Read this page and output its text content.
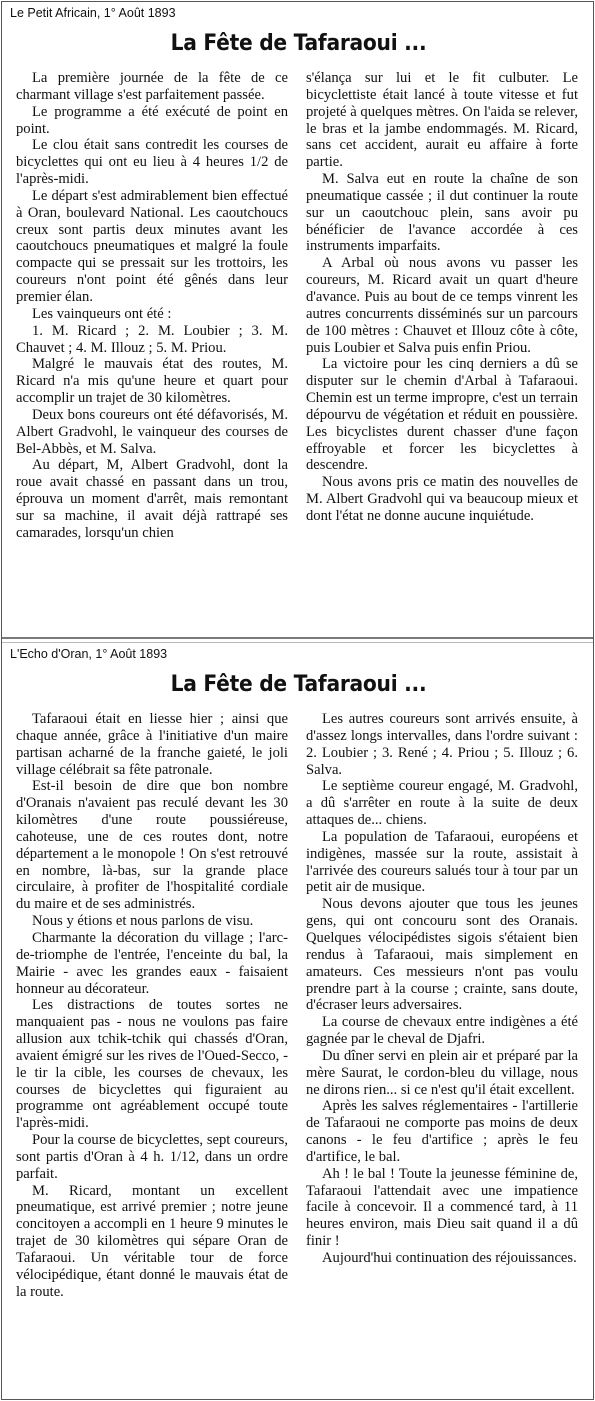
Le Petit Africain, 1° Août 1893
La Fête de Tafaraoui ...

La première journée de la fête de ce charmant village s'est parfaitement passée.

Le programme a été exécuté de point en point.

Le clou était sans contredit les courses de bicyclettes qui ont eu lieu à 4 heures 1/2 de l'après-midi.

Le départ s'est admirablement bien effectué à Oran, boulevard National. Les caoutchoucs creux sont partis deux minutes avant les caoutchoucs pneumatiques et malgré la foule compacte qui se pressait sur les trottoirs, les coureurs n'ont point été gênés dans leur premier élan.

Les vainqueurs ont été :

1. M. Ricard ; 2. M. Loubier ; 3. M. Chauvet ; 4. M. Illouz ; 5. M. Priou.

Malgré le mauvais état des routes, M. Ricard n'a mis qu'une heure et quart pour accomplir un trajet de 30 kilomètres.

Deux bons coureurs ont été défavorisés, M. Albert Gradvohl, le vainqueur des courses de Bel-Abbès, et M. Salva.

Au départ, M, Albert Gradvohl, dont la roue avait chassé en passant dans un trou, éprouva un moment d'arrêt, mais remontant sur sa machine, il avait déjà rattrapé ses camarades, lorsqu'un chien

s'élança sur lui et le fit culbuter. Le bicyclettiste était lancé à toute vitesse et fut projeté à quelques mètres. On l'aida se relever, le bras et la jambe endommagés. M. Ricard, sans cet accident, aurait eu affaire à forte partie.

M. Salva eut en route la chaîne de son pneumatique cassée ; il dut continuer la route sur un caoutchouc plein, sans avoir pu bénéficier de l'avance accordée à ces instruments imparfaits.

A Arbal où nous avons vu passer les coureurs, M. Ricard avait un quart d'heure d'avance. Puis au bout de ce temps vinrent les autres concurrents disséminés sur un parcours de 100 mètres : Chauvet et Illouz côte à côte, puis Loubier et Salva puis enfin Priou.

La victoire pour les cinq derniers a dû se disputer sur le chemin d'Arbal à Tafaraoui. Chemin est un terme impropre, c'est un terrain dépourvu de végétation et réduit en poussière. Les bicyclistes durent chasser d'une façon effroyable et forcer les bicyclettes à descendre.

Nous avons pris ce matin des nouvelles de M. Albert Gradvohl qui va beaucoup mieux et dont l'état ne donne aucune inquiétude.

L'Echo d'Oran, 1° Août 1893
La Fête de Tafaraoui ...

Tafaraoui était en liesse hier ; ainsi que chaque année, grâce à l'initiative d'un maire partisan acharné de la franche gaieté, le joli village célébrait sa fête patronale.

Est-il besoin de dire que bon nombre d'Oranais n'avaient pas reculé devant les 30 kilomètres d'une route poussiéreuse, cahoteuse, une de ces routes dont, notre département a le monopole ! On s'est retrouvé en nombre, là-bas, sur la grande place circulaire, à profiter de l'hospitalité cordiale du maire et de ses administrés.

Nous y étions et nous parlons de visu.

Charmante la décoration du village ; l'arc-de-triomphe de l'entrée, l'enceinte du bal, la Mairie - avec les grandes eaux - faisaient honneur au décorateur.

Les distractions de toutes sortes ne manquaient pas - nous ne voulons pas faire allusion aux tchik-tchik qui chassés d'Oran, avaient émigré sur les rives de l'Oued-Secco, - le tir la cible, les courses de chevaux, les courses de bicyclettes qui figuraient au programme ont agréablement occupé toute l'après-midi.

Pour la course de bicyclettes, sept coureurs, sont partis d'Oran à 4 h. 1/12, dans un ordre parfait.

M. Ricard, montant un excellent pneumatique, est arrivé premier ; notre jeune concitoyen a accompli en 1 heure 9 minutes le trajet de 30 kilomètres qui sépare Oran de Tafaraoui. Un véritable tour de force vélocipédique, étant donné le mauvais état de la route.

Les autres coureurs sont arrivés ensuite, à d'assez longs intervalles, dans l'ordre suivant : 2. Loubier ; 3. René ; 4. Priou ; 5. Illouz ; 6. Salva.

Le septième coureur engagé, M. Gradvohl, a dû s'arrêter en route à la suite de deux attaques de... chiens.

La population de Tafaraoui, européens et indigènes, massée sur la route, assistait à l'arrivée des coureurs salués tour à tour par un petit air de musique.

Nous devons ajouter que tous les jeunes gens, qui ont concouru sont des Oranais. Quelques vélocipédistes sigois s'étaient bien rendus à Tafaraoui, mais simplement en amateurs. Ces messieurs n'ont pas voulu prendre part à la course ; crainte, sans doute, d'écraser leurs adversaires.

La course de chevaux entre indigènes a été gagnée par le cheval de Djafri.

Du dîner servi en plein air et préparé par la mère Saurat, le cordon-bleu du village, nous ne dirons rien... si ce n'est qu'il était excellent.

Après les salves réglementaires - l'artillerie de Tafaraoui ne comporte pas moins de deux canons - le feu d'artifice ; après le feu d'artifice, le bal.

Ah ! le bal ! Toute la jeunesse féminine de, Tafaraoui l'attendait avec une impatience facile à concevoir. Il a commencé tard, à 11 heures environ, mais Dieu sait quand il a dû finir !

Aujourd'hui continuation des réjouissances.
